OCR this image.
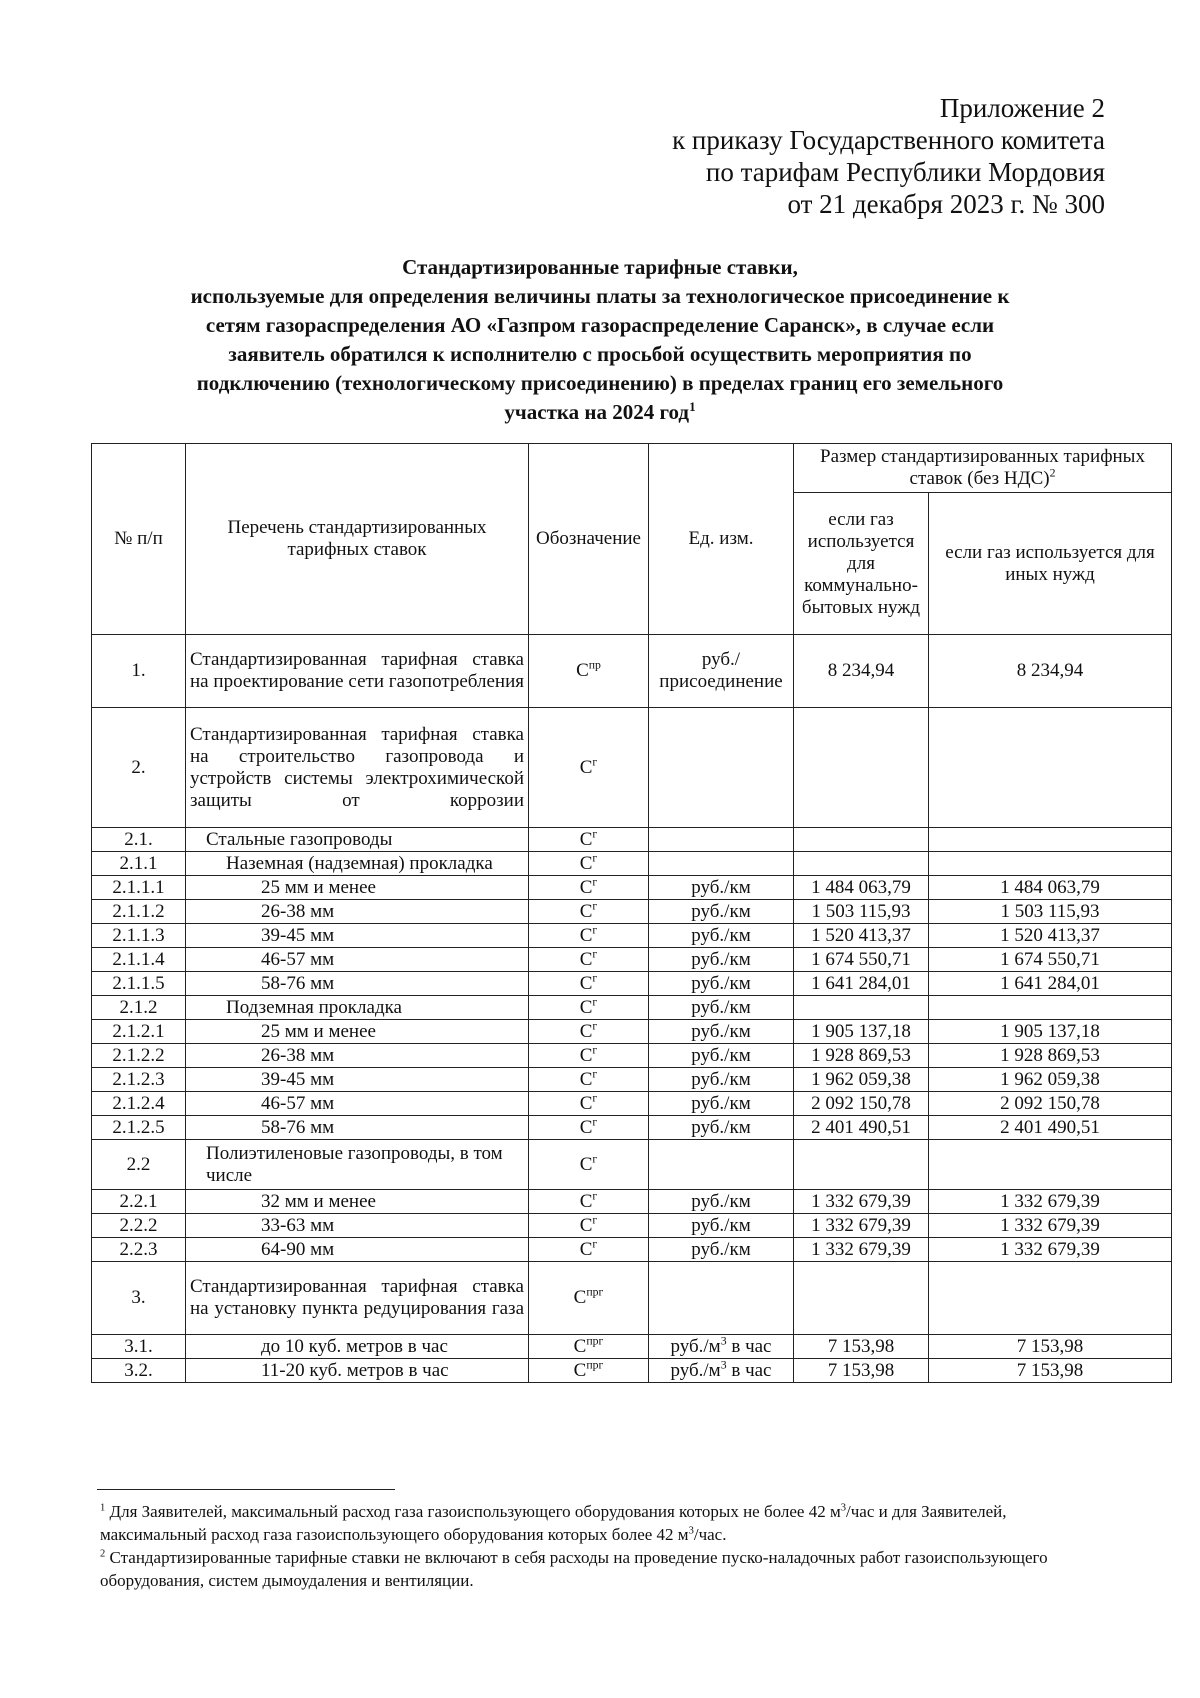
Приложение 2
к приказу Государственного комитета
по тарифам Республики Мордовия
от 21 декабря 2023 г. № 300
Стандартизированные тарифные ставки,
используемые для определения величины платы за технологическое присоединение к
сетям газораспределения АО «Газпром газораспределение Саранск», в случае если
заявитель обратился к исполнителю с просьбой осуществить мероприятия по
подключению (технологическому присоединению) в пределах границ его земельного
участка на 2024 год$^1$
№ п/п	Перечень стандартизированных тарифных ставок	Обозначение	Ед. изм.	Размер стандартизированных тарифных ставок (без НДС)$^2$
				если газ используется для коммунально-бытовых нужд	если газ используется для иных нужд
1.	Стандартизированная тарифная ставка на проектирование сети газопотребления	$С^{пр}$	руб./присоединение	8 234,94	8 234,94
2.	Стандартизированная тарифная ставка на строительство газопровода и устройств системы электрохимической защиты от коррозии	$С^г$			
2.1.	Стальные газопроводы	$С^г$			
2.1.1	Наземная (надземная) прокладка	$С^г$			
2.1.1.1	25 мм и менее	$С^г$	руб./км	1 484 063,79	1 484 063,79
2.1.1.2	26-38 мм	$С^г$	руб./км	1 503 115,93	1 503 115,93
2.1.1.3	39-45 мм	$С^г$	руб./км	1 520 413,37	1 520 413,37
2.1.1.4	46-57 мм	$С^г$	руб./км	1 674 550,71	1 674 550,71
2.1.1.5	58-76 мм	$С^г$	руб./км	1 641 284,01	1 641 284,01
2.1.2	Подземная прокладка	$С^г$	руб./км		
2.1.2.1	25 мм и менее	$С^г$	руб./км	1 905 137,18	1 905 137,18
2.1.2.2	26-38 мм	$С^г$	руб./км	1 928 869,53	1 928 869,53
2.1.2.3	39-45 мм	$С^г$	руб./км	1 962 059,38	1 962 059,38
2.1.2.4	46-57 мм	$С^г$	руб./км	2 092 150,78	2 092 150,78
2.1.2.5	58-76 мм	$С^г$	руб./км	2 401 490,51	2 401 490,51
2.2	Полиэтиленовые газопроводы, в том числе	$С^г$			
2.2.1	32 мм и менее	$С^г$	руб./км	1 332 679,39	1 332 679,39
2.2.2	33-63 мм	$С^г$	руб./км	1 332 679,39	1 332 679,39
2.2.3	64-90 мм	$С^г$	руб./км	1 332 679,39	1 332 679,39
3.	Стандартизированная тарифная ставка на установку пункта редуцирования газа	$С^{прг}$			
3.1.	до 10 куб. метров в час	$С^{прг}$	$руб./м^3$ в час	7 153,98	7 153,98
3.2.	11-20 куб. метров в час	$С^{прг}$	$руб./м^3$ в час	7 153,98	7 153,98

$^1$ Для Заявителей, максимальный расход газа газоиспользующего оборудования которых не более 42 $м^3$/час и для Заявителей, максимальный расход газа газоиспользующего оборудования которых более 42 $м^3$/час.

$^2$ Стандартизированные тарифные ставки не включают в себя расходы на проведение пуско-наладочных работ газоиспользующего оборудования, систем дымоудаления и вентиляции.
